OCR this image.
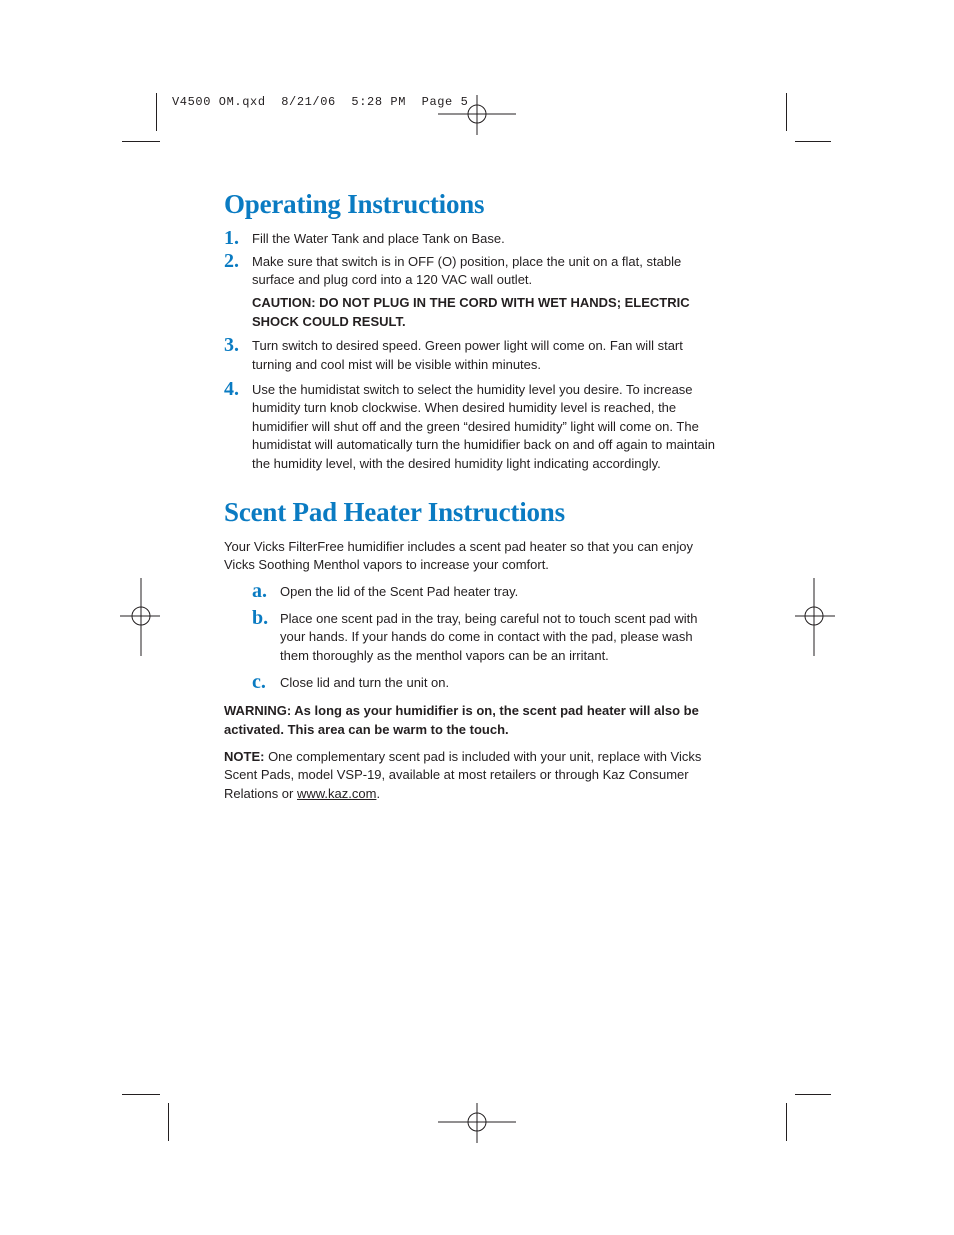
V4500 OM.qxd  8/21/06  5:28 PM  Page 5
Operating Instructions
1. Fill the Water Tank and place Tank on Base.
2. Make sure that switch is in OFF (O) position, place the unit on a flat, stable surface and plug cord into a 120 VAC wall outlet.
CAUTION: DO NOT PLUG IN THE CORD WITH WET HANDS; ELECTRIC SHOCK COULD RESULT.
3. Turn switch to desired speed. Green power light will come on. Fan will start turning and cool mist will be visible within minutes.
4. Use the humidistat switch to select the humidity level you desire. To increase humidity turn knob clockwise. When desired humidity level is reached, the humidifier will shut off and the green “desired humidity” light will come on. The humidistat will automatically turn the humidifier back on and off again to maintain the humidity level, with the desired humidity light indicating accordingly.
Scent Pad Heater Instructions
Your Vicks FilterFree humidifier includes a scent pad heater so that you can enjoy Vicks Soothing Menthol vapors to increase your comfort.
a. Open the lid of the Scent Pad heater tray.
b. Place one scent pad in the tray, being careful not to touch scent pad with your hands. If your hands do come in contact with the pad, please wash them thoroughly as the menthol vapors can be an irritant.
c. Close lid and turn the unit on.
WARNING: As long as your humidifier is on, the scent pad heater will also be activated. This area can be warm to the touch.
NOTE: One complementary scent pad is included with your unit, replace with Vicks Scent Pads, model VSP-19, available at most retailers or through Kaz Consumer Relations or www.kaz.com.
